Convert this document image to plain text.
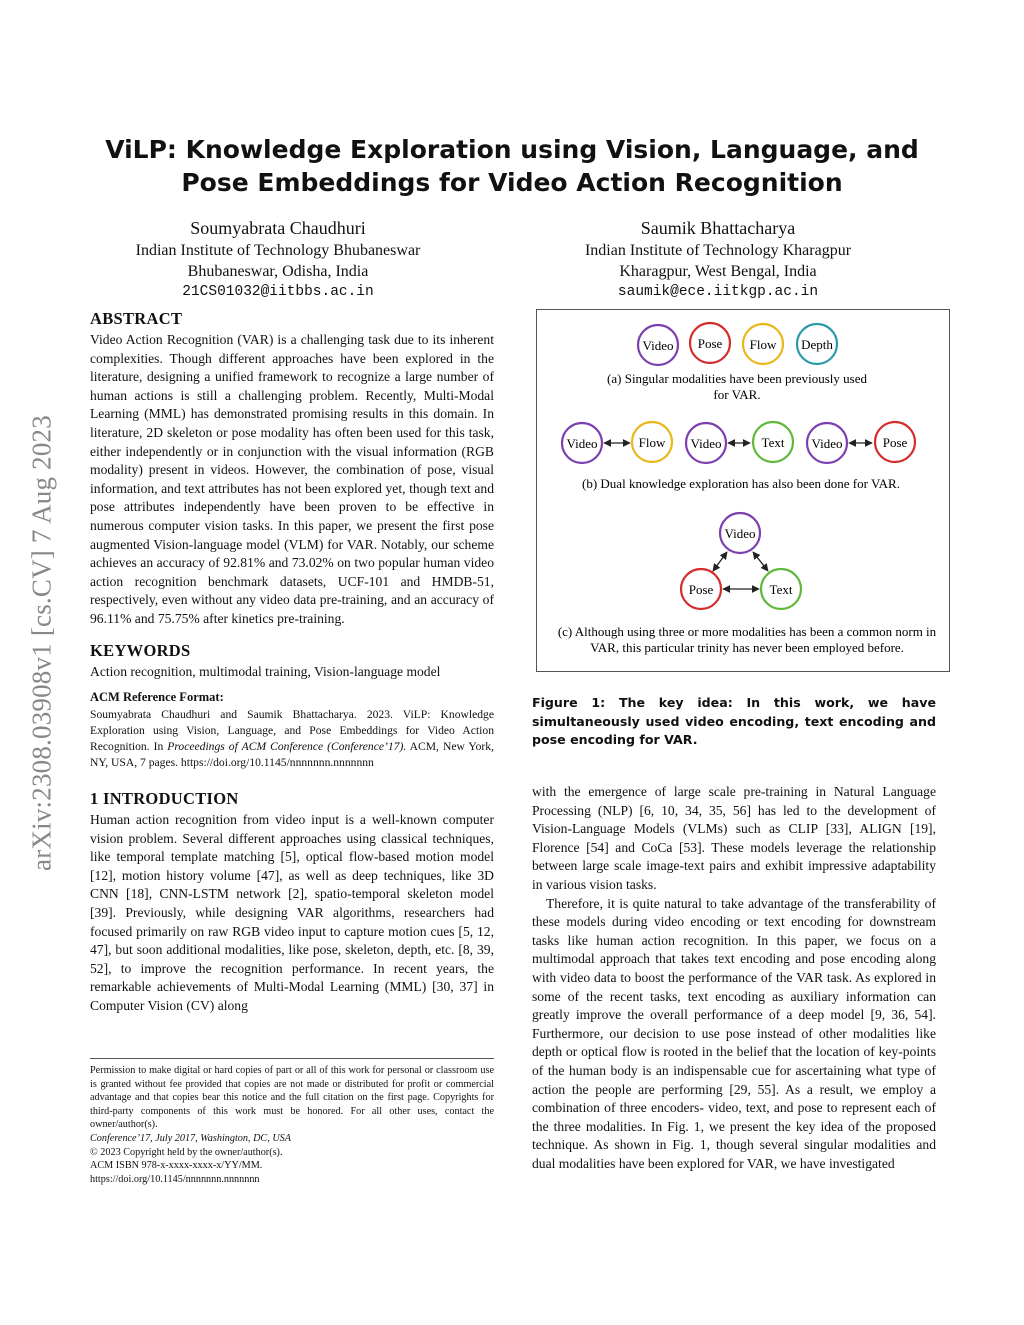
arXiv:2308.03908v1 [cs.CV] 7 Aug 2023
ViLP: Knowledge Exploration using Vision, Language, and Pose Embeddings for Video Action Recognition
Soumyabrata Chaudhuri
Indian Institute of Technology Bhubaneswar
Bhubaneswar, Odisha, India
21CS01032@iitbbs.ac.in
Saumik Bhattacharya
Indian Institute of Technology Kharagpur
Kharagpur, West Bengal, India
saumik@ece.iitkgp.ac.in
ABSTRACT

Video Action Recognition (VAR) is a challenging task due to its inherent complexities. Though different approaches have been explored in the literature, designing a unified framework to recognize a large number of human actions is still a challenging problem. Recently, Multi-Modal Learning (MML) has demonstrated promising results in this domain. In literature, 2D skeleton or pose modality has often been used for this task, either independently or in conjunction with the visual information (RGB modality) present in videos. However, the combination of pose, visual information, and text attributes has not been explored yet, though text and pose attributes independently have been proven to be effective in numerous computer vision tasks. In this paper, we present the first pose augmented Vision-language model (VLM) for VAR. Notably, our scheme achieves an accuracy of 92.81% and 73.02% on two popular human video action recognition benchmark datasets, UCF-101 and HMDB-51, respectively, even without any video data pre-training, and an accuracy of 96.11% and 75.75% after kinetics pre-training.

KEYWORDS

Action recognition, multimodal training, Vision-language model

ACM Reference Format:

Soumyabrata Chaudhuri and Saumik Bhattacharya. 2023. ViLP: Knowledge Exploration using Vision, Language, and Pose Embeddings for Video Action Recognition. In Proceedings of ACM Conference (Conference’17). ACM, New York, NY, USA, 7 pages. https://doi.org/10.1145/nnnnnnn.nnnnnnn

1 INTRODUCTION

Human action recognition from video input is a well-known computer vision problem. Several different approaches using classical techniques, like temporal template matching [5], optical flow-based motion model [12], motion history volume [47], as well as deep techniques, like 3D CNN [18], CNN-LSTM network [2], spatio-temporal skeleton model [39]. Previously, while designing VAR algorithms, researchers had focused primarily on raw RGB video input to capture motion cues [5, 12, 47], but soon additional modalities, like pose, skeleton, depth, etc. [8, 39, 52], to improve the recognition performance. In recent years, the remarkable achievements of Multi-Modal Learning (MML) [30, 37] in Computer Vision (CV) along

Permission to make digital or hard copies of part or all of this work for personal or classroom use is granted without fee provided that copies are not made or distributed for profit or commercial advantage and that copies bear this notice and the full citation on the first page. Copyrights for third-party components of this work must be honored. For all other uses, contact the owner/author(s).

Conference’17, July 2017, Washington, DC, USA

© 2023 Copyright held by the owner/author(s).

ACM ISBN 978-x-xxxx-xxxx-x/YY/MM.

https://doi.org/10.1145/nnnnnnn.nnnnnnn

Video Pose Flow Depth
(a) Singular modalities have been previously used
for VAR.
Video	Flow Video	Text Video	Pose
(b) Dual knowledge exploration has also been done for VAR.
Video
Pose	Text
(c) Although using three or more modalities has been a common norm in
VAR, this particular trinity has never been employed before.
Figure 1: The key idea: In this work, we have simultaneously used video encoding, text encoding and pose encoding for VAR.

with the emergence of large scale pre-training in Natural Language Processing (NLP) [6, 10, 34, 35, 56] has led to the development of Vision-Language Models (VLMs) such as CLIP [33], ALIGN [19], Florence [54] and CoCa [53]. These models leverage the relationship between large scale image-text pairs and exhibit impressive adaptability in various vision tasks.

Therefore, it is quite natural to take advantage of the transferability of these models during video encoding or text encoding for downstream tasks like human action recognition. In this paper, we focus on a multimodal approach that takes text encoding and pose encoding along with video data to boost the performance of the VAR task. As explored in some of the recent tasks, text encoding as auxiliary information can greatly improve the overall performance of a deep model [9, 36, 54]. Furthermore, our decision to use pose instead of other modalities like depth or optical flow is rooted in the belief that the location of key-points of the human body is an indispensable cue for ascertaining what type of action the people are performing [29, 55]. As a result, we employ a combination of three encoders- video, text, and pose to represent each of the three modalities. In Fig. 1, we present the key idea of the proposed technique. As shown in Fig. 1, though several singular modalities and dual modalities have been explored for VAR, we have investigated
